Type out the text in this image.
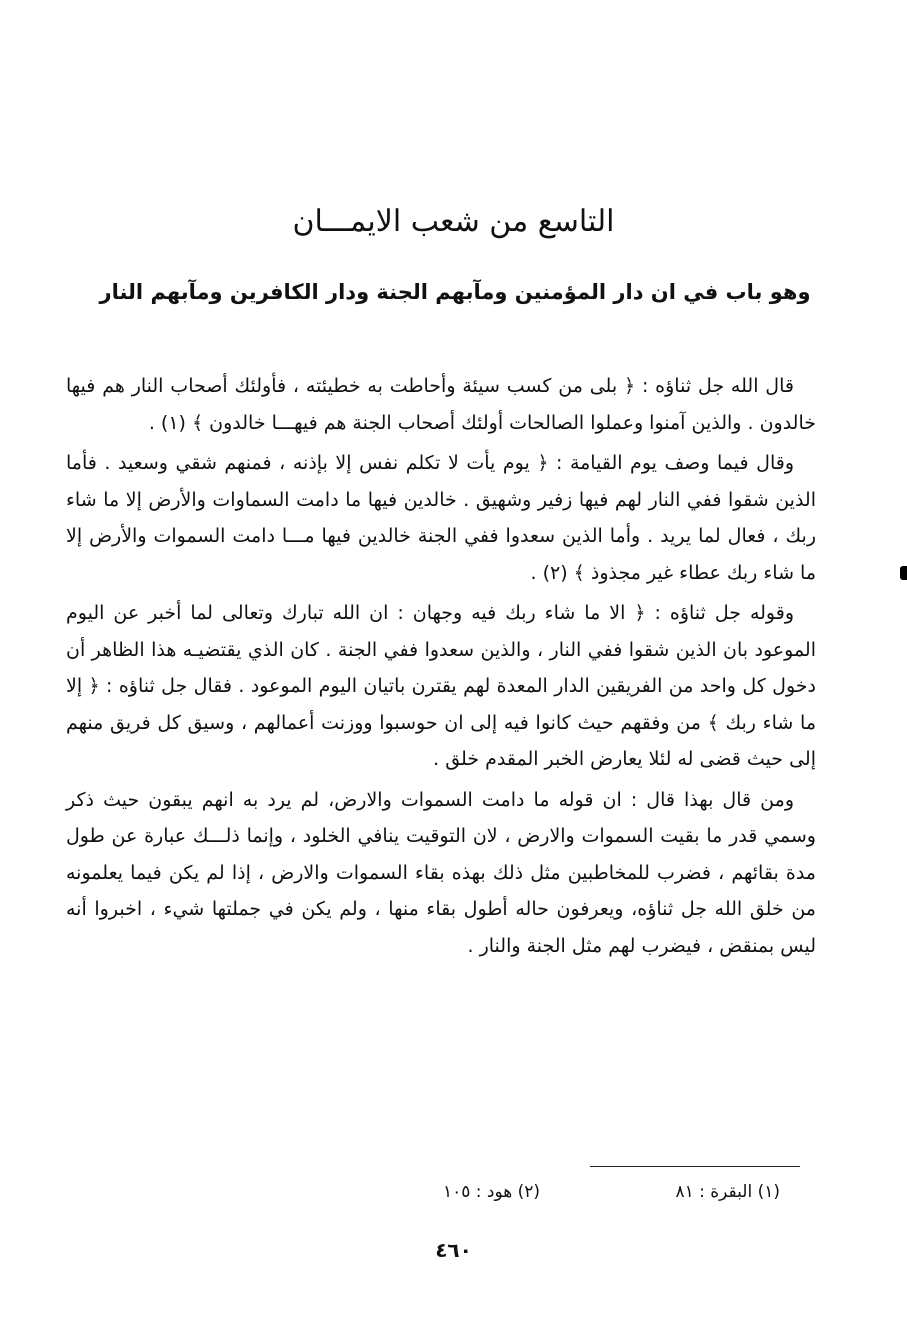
التاسع من شعب الايمـــان
وهو باب في ان دار المؤمنين ومآبهم الجنة ودار الكافرين ومآبهم النار

قال الله جل ثناؤه : ﴿ بلى من كسب سيئة وأحاطت به خطيئته ، فأولئك أصحاب النار هم فيها خالدون . والذين آمنوا وعملوا الصالحات أولئك أصحاب الجنة هم فيهـــا خالدون ﴾ (١) .

وقال فيما وصف يوم القيامة : ﴿ يوم يأت لا تكلم نفس إلا بإذنه ، فمنهم شقي وسعيد . فأما الذين شقوا ففي النار لهم فيها زفير وشهيق . خالدين فيها ما دامت السماوات والأرض إلا ما شاء ربك ، فعال لما يريد . وأما الذين سعدوا ففي الجنة خالدين فيها مـــا دامت السموات والأرض إلا ما شاء ربك عطاء غير مجذوذ ﴾ (٢) .

وقوله جل ثناؤه : ﴿ الا ما شاء ربك فيه وجهان : ان الله تبارك وتعالى لما أخبر عن اليوم الموعود بان الذين شقوا ففي النار ، والذين سعدوا ففي الجنة . كان الذي يقتضيـه هذا الظاهر أن دخول كل واحد من الفريقين الدار المعدة لهم يقترن باتيان اليوم الموعود . فقال جل ثناؤه : ﴿ إلا ما شاء ربك ﴾ من وفقهم حيث كانوا فيه إلى ان حوسبوا ووزنت أعمالهم ، وسيق كل فريق منهم إلى حيث قضى له لئلا يعارض الخبر المقدم خلق .

ومن قال بهذا قال : ان قوله ما دامت السموات والارض، لم يرد به انهم يبقون حيث ذكر وسمي قدر ما بقيت السموات والارض ، لان التوقيت ينافي الخلود ، وإنما ذلـــك عبارة عن طول مدة بقائهم ، فضرب للمخاطبين مثل ذلك بهذه بقاء السموات والارض ، إذا لم يكن فيما يعلمونه من خلق الله جل ثناؤه، ويعرفون حاله أطول بقاء منها ، ولم يكن في جملتها شيء ، اخبروا أنه ليس بمنقض ، فيضرب لهم مثل الجنة والنار .

(١) البقرة : ٨١ (٢) هود : ١٠٥
٤٦٠
